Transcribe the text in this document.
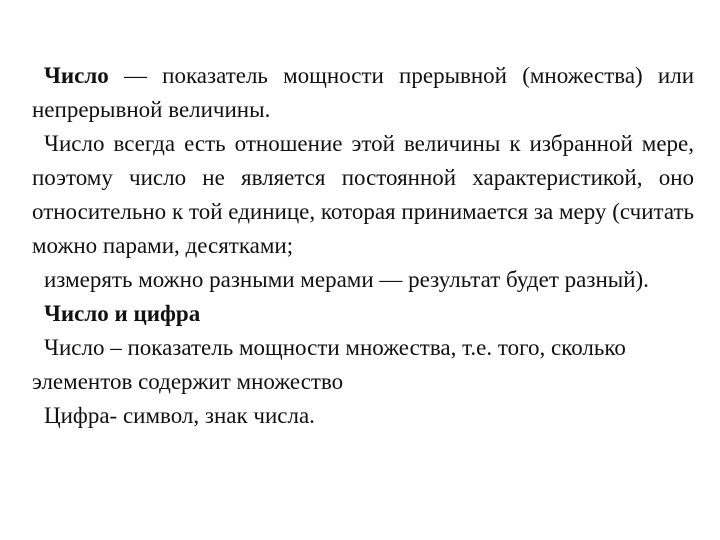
Число — показатель мощности прерывной (множества) или непрерывной величины.

Число всегда есть отношение этой величины к избранной мере, поэтому число не является постоянной характеристикой, оно относительно к той единице, которая принимается за меру (считать можно парами, десятками;

измерять можно разными мерами — результат будет разный).

Число и цифра

Число – показатель мощности множества, т.е. того, сколько элементов содержит множество

Цифра- символ, знак числа.
